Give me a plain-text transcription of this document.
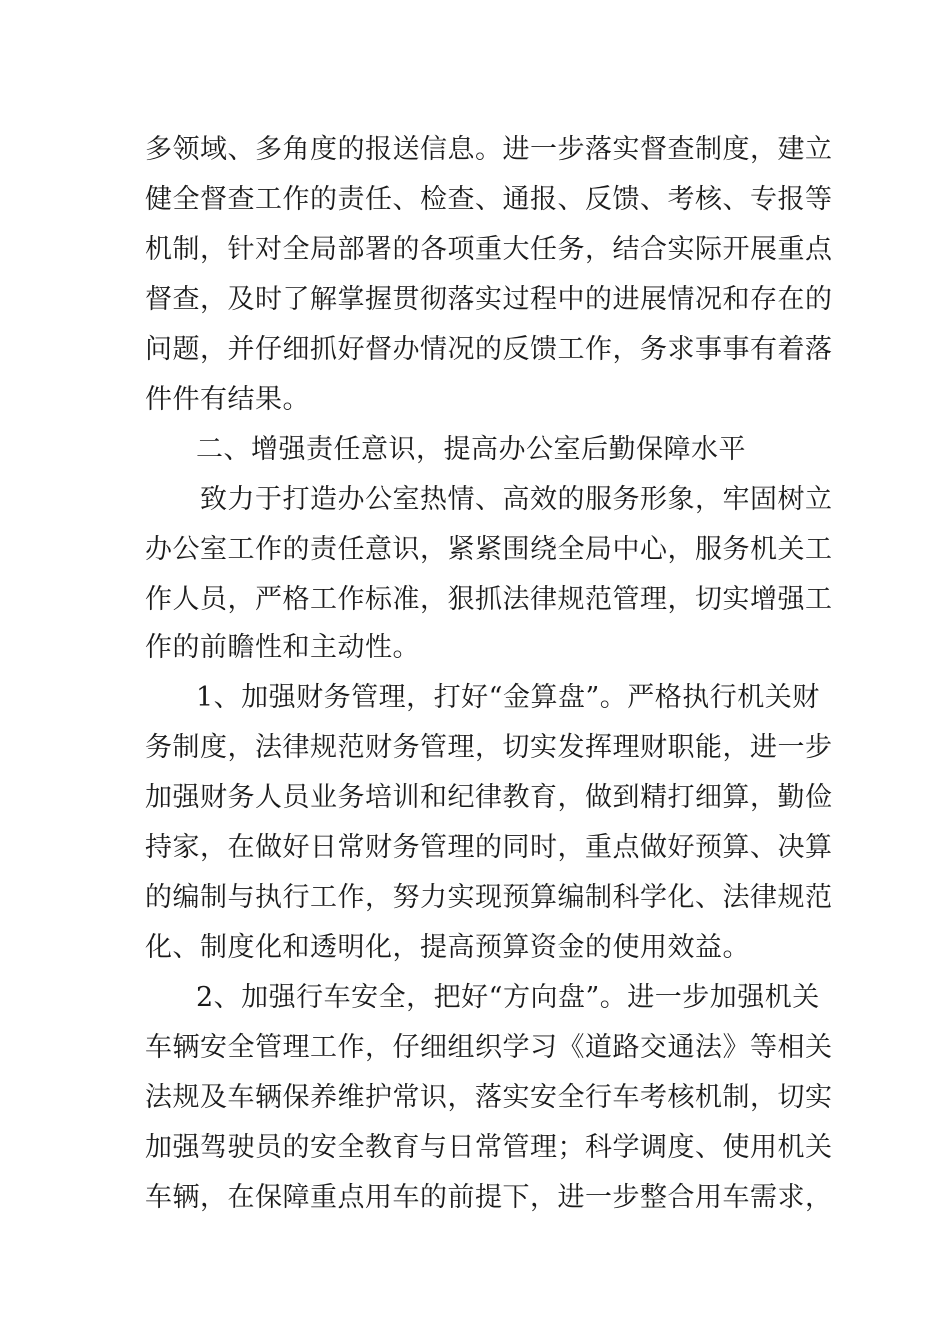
多领域、多角度的报送信息。进一步落实督查制度，建立
健全督查工作的责任、检查、通报、反馈、考核、专报等
机制，针对全局部署的各项重大任务，结合实际开展重点
督查，及时了解掌握贯彻落实过程中的进展情况和存在的
问题，并仔细抓好督办情况的反馈工作，务求事事有着落
件件有结果。
二、增强责任意识，提高办公室后勤保障水平
致力于打造办公室热情、高效的服务形象，牢固树立
办公室工作的责任意识，紧紧围绕全局中心，服务机关工
作人员，严格工作标准，狠抓法律规范管理，切实增强工
作的前瞻性和主动性。
1、加强财务管理，打好“金算盘”。严格执行机关财
务制度，法律规范财务管理，切实发挥理财职能，进一步
加强财务人员业务培训和纪律教育，做到精打细算，勤俭
持家，在做好日常财务管理的同时，重点做好预算、决算
的编制与执行工作，努力实现预算编制科学化、法律规范
化、制度化和透明化，提高预算资金的使用效益。
2、加强行车安全，把好“方向盘”。进一步加强机关
车辆安全管理工作，仔细组织学习《道路交通法》等相关
法规及车辆保养维护常识，落实安全行车考核机制，切实
加强驾驶员的安全教育与日常管理；科学调度、使用机关
车辆，在保障重点用车的前提下，进一步整合用车需求，
